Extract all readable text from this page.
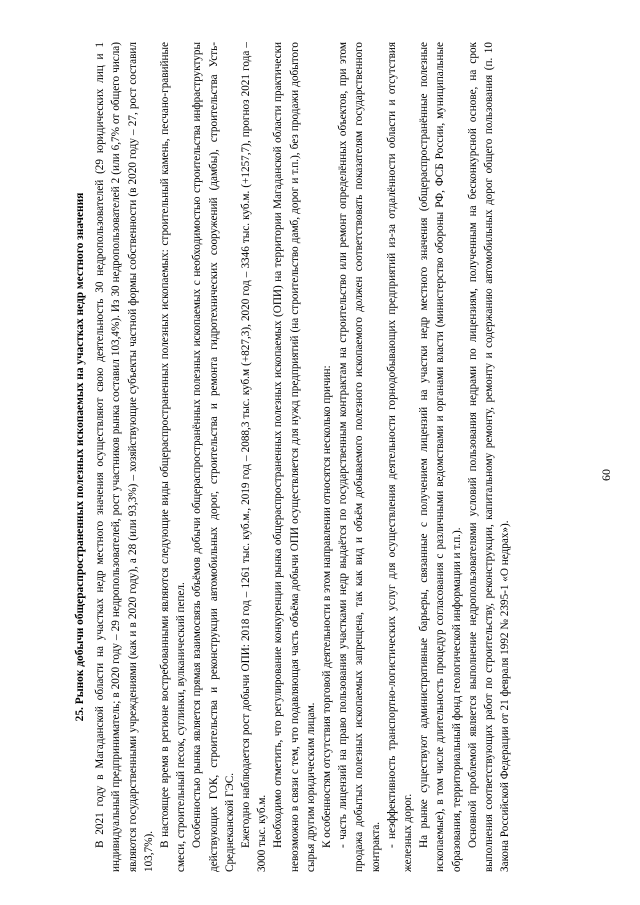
60
25. Рынок добычи общераспространенных полезных ископаемых на участках недр местного значения В 2021 году в Магаданской области на участках недр местного значения осуществляют свою деятельность 30 недропользователей (29 юридических лиц и 1 индивидуальный предприниматель; в 2020 году – 29 недропользователей, рост участников рынка составил 103,4%). Из 30 недропользователей 2 (или 6,7% от общего числа) являются государственными учреждениями (как и в 2020 году), а 28 (или 93,3%) – хозяйствующие субъекты частной формы собственности (в 2020 году – 27, рост составил 103,7%).

В настоящее время в регионе востребованными являются следующие виды общераспространенных полезных ископаемых: строительный камень, песчано-гравийные смеси, строительный песок, суглинки, вулканический пепел. Особенностью рынка является прямая взаимосвязь объёмов добычи общераспространённых полезных ископаемых с необходимостью строительства инфраструктуры действующих ГОК, строительства и реконструкции автомобильных дорог, строительства и ремонта гидротехнических сооружений (дамбы), строительства Усть-Среднеканской ГЭС. Ежегодно наблюдается рост добычи ОПИ: 2018 год – 1261 тыс. куб.м., 2019 год – 2088,3 тыс. куб.м (+827,3), 2020 год – 3346 тыс. куб.м. (+1257,7), прогноз 2021 года – 3000 тыс. куб.м. Необходимо отметить, что регулирование конкуренции рынка общераспространенных полезных ископаемых (ОПИ) на территории Магаданской области практически невозможно в связи с тем, что подавляющая часть объёма добычи ОПИ осуществляется для нужд предприятий (на строительство дамб, дорог и т.п.), без продажи добытого сырья другим юридическим лицам. К особенностям отсутствия торговой деятельности в этом направлении относятся несколько причин: - часть лицензий на право пользования участками недр выдаётся по государственным контрактам на строительство или ремонт определённых объектов, при этом продажа добытых полезных ископаемых запрещена, так как вид и объём добываемого полезного ископаемого должен соответствовать показателям государственного контракта. - неэффективность транспортно-логистических услуг для осуществления деятельности горнодобывающих предприятий из-за отдалённости области и отсутствия железных дорог. На рынке существуют административные барьеры, связанные с получением лицензий на участки недр местного значения (общераспространённые полезные ископаемые), в том числе длительность процедур согласования с различными ведомствами и органами власти (министерство обороны РФ, ФСБ России, муниципальные образования, территориальный фонд геологической информации и т.п.). Основной проблемой является выполнение недропользователями условий пользования недрами по лицензиям, полученным на бесконкурсной основе, на срок выполнения соответствующих работ по строительству, реконструкции, капитальному ремонту, ремонту и содержанию автомобильных дорог общего пользования (п. 10 Закона Российской Федерации от 21 февраля 1992 № 2395-1 «О недрах»).
